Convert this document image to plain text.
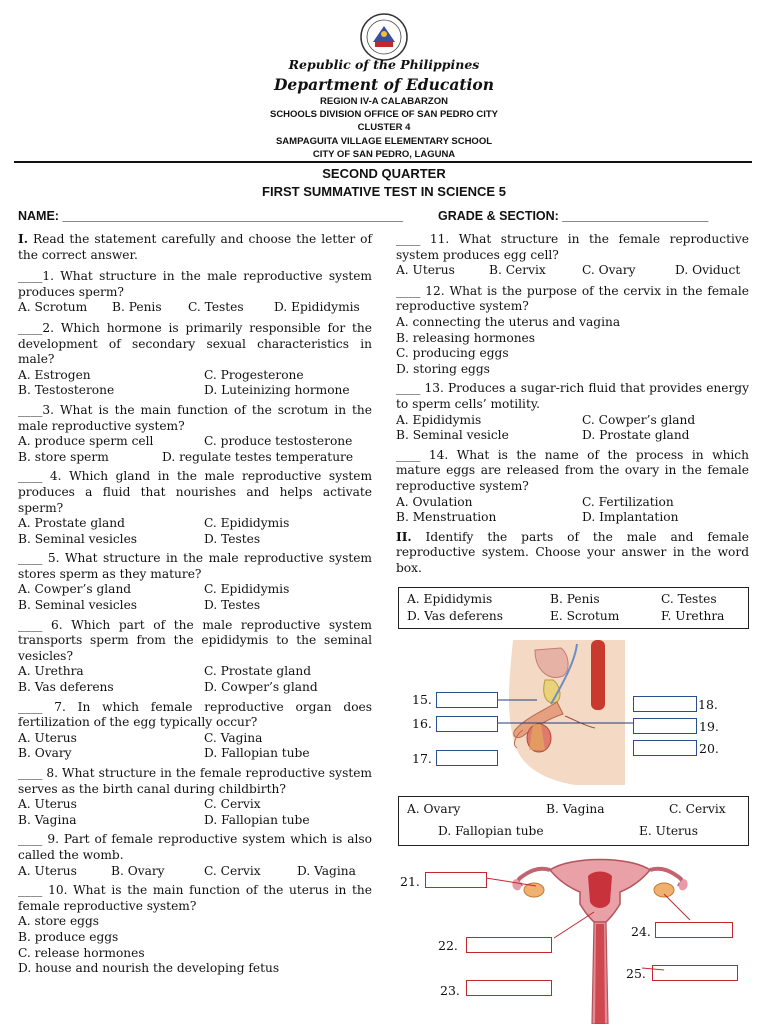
Republic of the Philippines
Department of Education
REGION IV-A CALABARZON
SCHOOLS DIVISION OFFICE OF SAN PEDRO CITY
CLUSTER 4
SAMPAGUITA VILLAGE ELEMENTARY SCHOOL
CITY OF SAN PEDRO, LAGUNA
SECOND QUARTER
FIRST SUMMATIVE TEST IN SCIENCE 5
NAME: _________________________________________________	GRADE & SECTION: _____________________

I. Read the statement carefully and choose the letter of the correct answer.

____1. What structure in the male reproductive system produces sperm?

A. Scrotum	B. Penis	C. Testes	D. Epididymis

____2. Which hormone is primarily responsible for the development of secondary sexual characteristics in male?

A. Estrogen	C. Progesterone
B. Testosterone	D. Luteinizing hormone

____3. What is the main function of the scrotum in the male reproductive system?

A. produce sperm cell	C. produce testosterone
B. store sperm	D. regulate testes temperature

____ 4. Which gland in the male reproductive system produces a fluid that nourishes and helps activate sperm?

A. Prostate gland	C. Epididymis
B. Seminal vesicles	D. Testes

____ 5. What structure in the male reproductive system stores sperm as they mature?

A. Cowper’s gland	C. Epididymis
B. Seminal vesicles	D. Testes

____ 6. Which part of the male reproductive system transports sperm from the epididymis to the seminal vesicles?

A. Urethra	C. Prostate gland
B. Vas deferens	D. Cowper’s gland

____ 7. In which female reproductive organ does fertilization of the egg typically occur?

A. Uterus	C. Vagina
B. Ovary	D. Fallopian tube

____ 8. What structure in the female reproductive system serves as the birth canal during childbirth?

A. Uterus	C. Cervix
B. Vagina	D. Fallopian tube

____ 9. Part of female reproductive system which is also called the womb.

A. Uterus	B. Ovary	C. Cervix	D. Vagina

____ 10. What is the main function of the uterus in the female reproductive system?

A. store eggs

B. produce eggs

C. release hormones

D. house and nourish the developing fetus

____ 11. What structure in the female reproductive system produces egg cell?

A. Uterus	B. Cervix	C. Ovary	D. Oviduct

____ 12. What is the purpose of the cervix in the female reproductive system?

A. connecting the uterus and vagina

B. releasing hormones

C. producing eggs

D. storing eggs

____ 13. Produces a sugar-rich fluid that provides energy to sperm cells’ motility.

A. Epididymis	C. Cowper’s gland
B. Seminal vesicle	D. Prostate gland

____ 14. What is the name of the process in which mature eggs are released from the ovary in the female reproductive system?

A. Ovulation	C. Fertilization
B. Menstruation	D. Implantation

II. Identify the parts of the male and female reproductive system. Choose your answer in the word box.

A. Epididymis	B. Penis	C. Testes
D. Vas deferens	E. Scrotum	F. Urethra
15.
16.
17.
18.
19.
20.
A. Ovary	B. Vagina	C. Cervix
D. Fallopian tube	E. Uterus
21.
22.
23.
24.
25.
